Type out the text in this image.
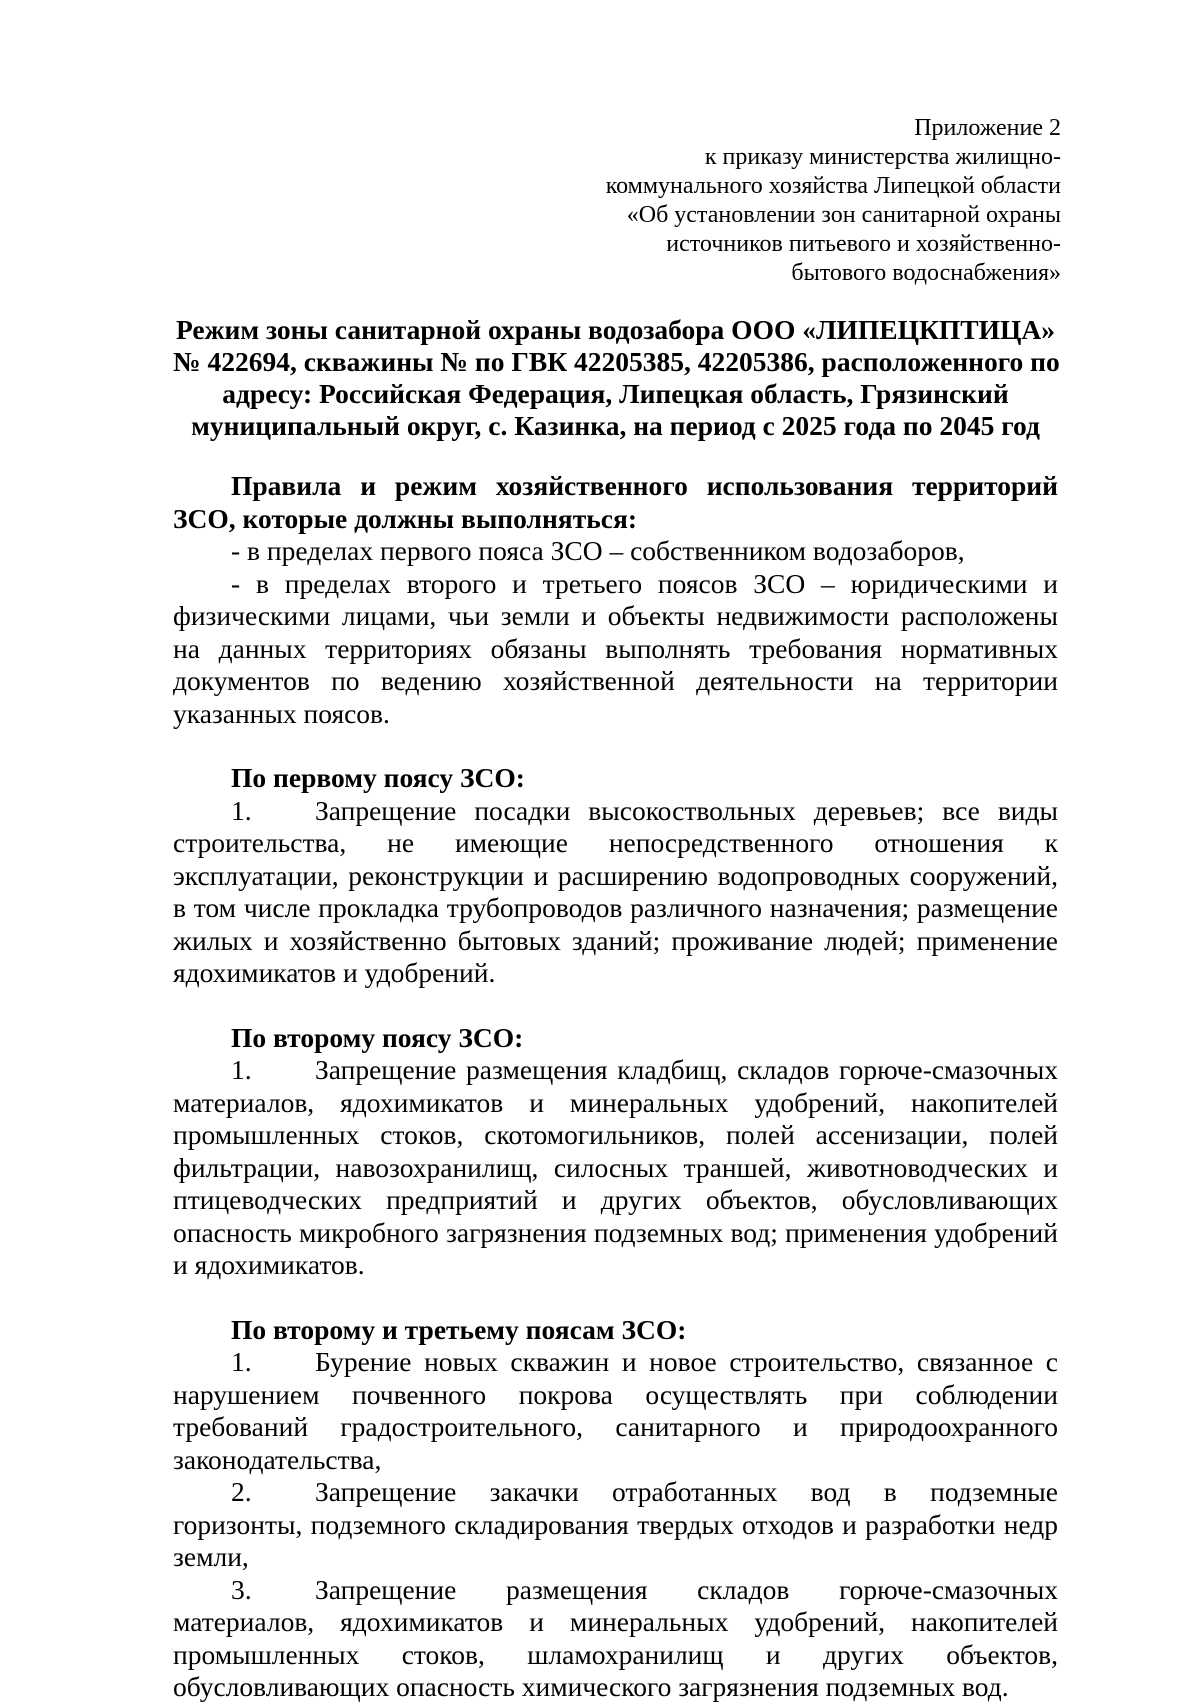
Приложение 2
к приказу министерства жилищно-
коммунального хозяйства Липецкой области
«Об установлении зон санитарной охраны
источников питьевого и хозяйственно-
бытового водоснабжения»
Режим зоны санитарной охраны водозабора ООО «ЛИПЕЦКПТИЦА»
№ 422694, скважины № по ГВК 42205385, 42205386, расположенного по
адресу: Российская Федерация, Липецкая область, Грязинский
муниципальный округ, с. Казинка, на период с 2025 года по 2045 год

Правила и режим хозяйственного использования территорий ЗСО, которые должны выполняться:

- в пределах первого пояса ЗСО – собственником водозаборов,

- в пределах второго и третьего поясов ЗСО – юридическими и физическими лицами, чьи земли и объекты недвижимости расположены на данных территориях обязаны выполнять требования нормативных документов по ведению хозяйственной деятельности на территории указанных поясов.

По первому поясу ЗСО:

1. Запрещение посадки высокоствольных деревьев; все виды строительства, не имеющие непосредственного отношения к эксплуатации, реконструкции и расширению водопроводных сооружений, в том числе прокладка трубопроводов различного назначения; размещение жилых и хозяйственно бытовых зданий; проживание людей; применение ядохимикатов и удобрений.

По второму поясу ЗСО:

1. Запрещение размещения кладбищ, складов горюче-смазочных материалов, ядохимикатов и минеральных удобрений, накопителей промышленных стоков, скотомогильников, полей ассенизации, полей фильтрации, навозохранилищ, силосных траншей, животноводческих и птицеводческих предприятий и других объектов, обусловливающих опасность микробного загрязнения подземных вод; применения удобрений и ядохимикатов.

По второму и третьему поясам ЗСО:

1. Бурение новых скважин и новое строительство, связанное с нарушением почвенного покрова осуществлять при соблюдении требований градостроительного, санитарного и природоохранного законодательства,

2. Запрещение закачки отработанных вод в подземные горизонты, подземного складирования твердых отходов и разработки недр земли,

3. Запрещение размещения складов горюче-смазочных материалов, ядохимикатов и минеральных удобрений, накопителей промышленных стоков, шламохранилищ и других объектов, обусловливающих опасность химического загрязнения подземных вод.
